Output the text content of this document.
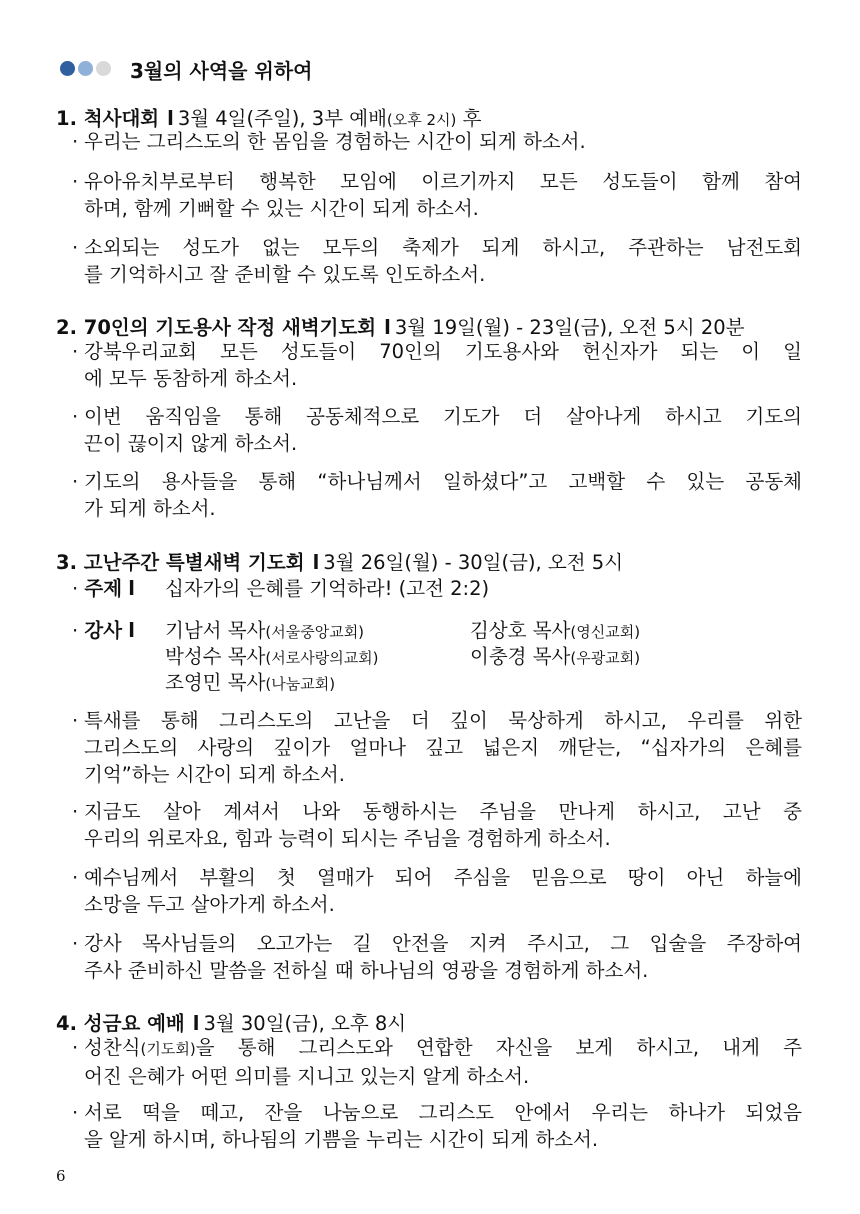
3월의 사역을 위하여
1. 척사대회 l 3월 4일(주일), 3부 예배(오후 2시) 후
· 우리는 그리스도의 한 몸임을 경험하는 시간이 되게 하소서.
· 유아유치부로부터 행복한 모임에 이르기까지 모든 성도들이 함께 참여
하며, 함께 기뻐할 수 있는 시간이 되게 하소서.
· 소외되는 성도가 없는 모두의 축제가 되게 하시고, 주관하는 남전도회
를 기억하시고 잘 준비할 수 있도록 인도하소서.
2. 70인의 기도용사 작정 새벽기도회 l 3월 19일(월) - 23일(금), 오전 5시 20분
· 강북우리교회 모든 성도들이 70인의 기도용사와 헌신자가 되는 이 일
에 모두 동참하게 하소서.
· 이번 움직임을 통해 공동체적으로 기도가 더 살아나게 하시고 기도의
끈이 끊이지 않게 하소서.
· 기도의 용사들을 통해 “하나님께서 일하셨다”고 고백할 수 있는 공동체
가 되게 하소서.
3. 고난주간 특별새벽 기도회 l 3월 26일(월) - 30일(금), 오전 5시
· 주제 l 십자가의 은혜를 기억하라! (고전 2:2)
· 강사 l 기남서 목사(서울중앙교회)	김상호 목사(영신교회)
박성수 목사(서로사랑의교회)	이충경 목사(우광교회)
조영민 목사(나눔교회)
· 특새를 통해 그리스도의 고난을 더 깊이 묵상하게 하시고, 우리를 위한
그리스도의 사랑의 깊이가 얼마나 깊고 넓은지 깨닫는, “십자가의 은혜를
기억”하는 시간이 되게 하소서.
· 지금도 살아 계셔서 나와 동행하시는 주님을 만나게 하시고, 고난 중
우리의 위로자요, 힘과 능력이 되시는 주님을 경험하게 하소서.
· 예수님께서 부활의 첫 열매가 되어 주심을 믿음으로 땅이 아닌 하늘에
소망을 두고 살아가게 하소서.
· 강사 목사님들의 오고가는 길 안전을 지켜 주시고, 그 입술을 주장하여
주사 준비하신 말씀을 전하실 때 하나님의 영광을 경험하게 하소서.
4. 성금요 예배 l 3월 30일(금), 오후 8시
· 성찬식(기도회)을 통해 그리스도와 연합한 자신을 보게 하시고, 내게 주
어진 은혜가 어떤 의미를 지니고 있는지 알게 하소서.
· 서로 떡을 떼고, 잔을 나눔으로 그리스도 안에서 우리는 하나가 되었음
을 알게 하시며, 하나됨의 기쁨을 누리는 시간이 되게 하소서.
6
